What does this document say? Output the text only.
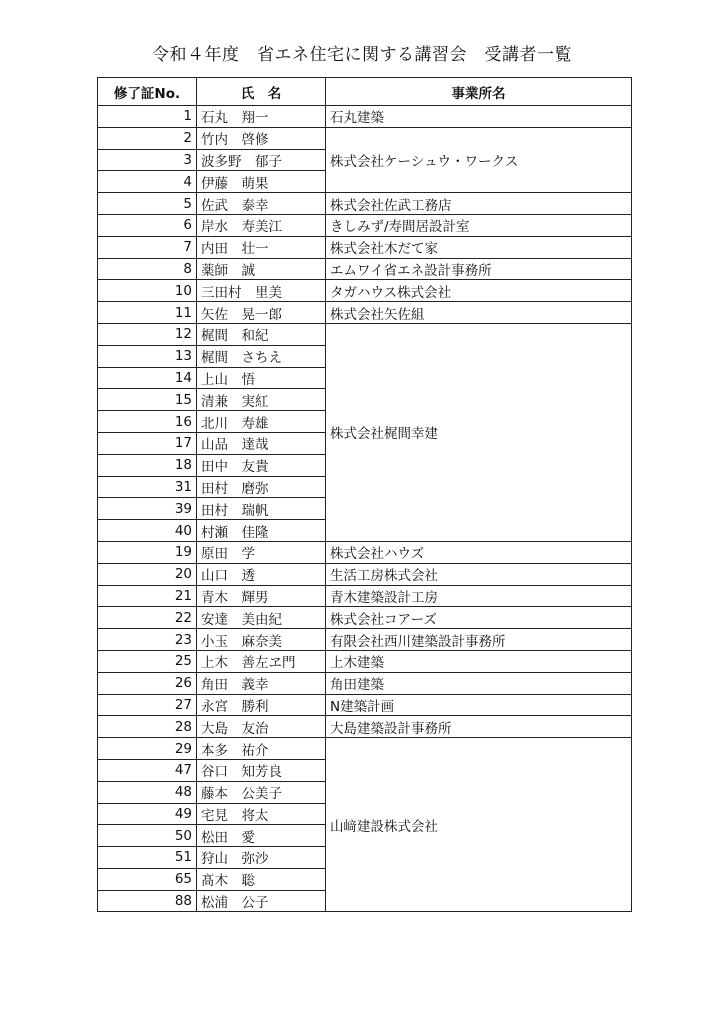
令和４年度　省エネ住宅に関する講習会　受講者一覧
修了証No.	氏　名	事業所名
1	石丸　翔一	石丸建築
2	竹内　啓修	株式会社ケーシュウ・ワークス
3	波多野　郁子	
4	伊藤　萌果	
5	佐武　泰幸	株式会社佐武工務店
6	岸水　寿美江	きしみず/寿間居設計室
7	内田　壮一	株式会社木だて家
8	薬師　誠	エムワイ省エネ設計事務所
10	三田村　里美	タガハウス株式会社
11	矢佐　晃一郎	株式会社矢佐組
12	梶間　和紀	株式会社梶間幸建
13	梶間　さちえ	
14	上山　悟	
15	清兼　実紅	
16	北川　寿雄	
17	山品　達哉	
18	田中　友貴	
31	田村　磨弥	
39	田村　瑞帆	
40	村瀬　佳隆	
19	原田　学	株式会社ハウズ
20	山口　透	生活工房株式会社
21	青木　輝男	青木建築設計工房
22	安達　美由紀	株式会社コアーズ
23	小玉　麻奈美	有限会社西川建築設計事務所
25	上木　善左ヱ門	上木建築
26	角田　義幸	角田建築
27	永宮　勝利	N建築計画
28	大島　友治	大島建築設計事務所
29	本多　祐介	山﨑建設株式会社
47	谷口　知芳良	
48	藤本　公美子	
49	宅見　将太	
50	松田　愛	
51	狩山　弥沙	
65	髙木　聡	
88	松浦　公子	
